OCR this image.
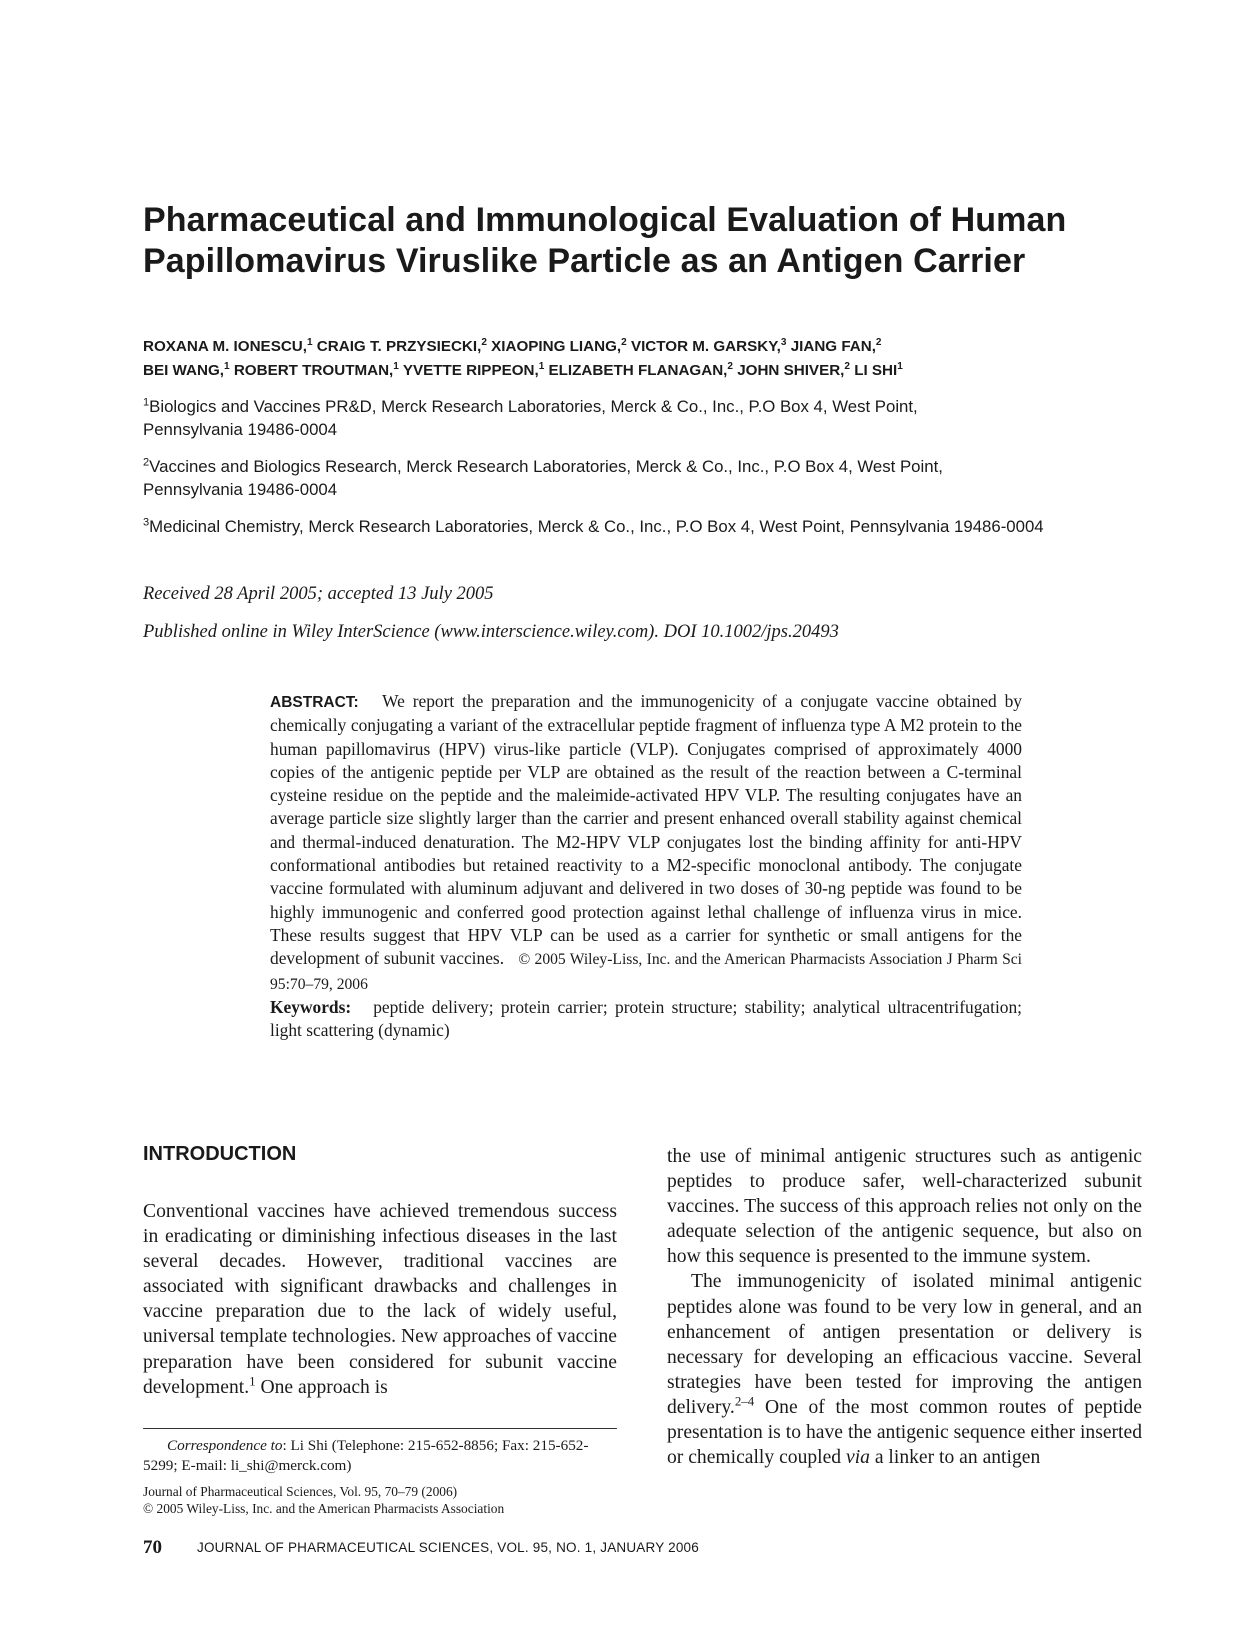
Pharmaceutical and Immunological Evaluation of Human
Papillomavirus Viruslike Particle as an Antigen Carrier
ROXANA M. IONESCU,$^1$ CRAIG T. PRZYSIECKI,$^2$ XIAOPING LIANG,$^2$ VICTOR M. GARSKY,$^3$ JIANG FAN,$^2$
BEI WANG,$^1$ ROBERT TROUTMAN,$^1$ YVETTE RIPPEON,$^1$ ELIZABETH FLANAGAN,$^2$ JOHN SHIVER,$^2$ LI SHI$^1$
$^1$Biologics and Vaccines PR&D, Merck Research Laboratories, Merck & Co., Inc., P.O Box 4, West Point,
Pennsylvania 19486-0004
$^2$Vaccines and Biologics Research, Merck Research Laboratories, Merck & Co., Inc., P.O Box 4, West Point,
Pennsylvania 19486-0004
$^3$Medicinal Chemistry, Merck Research Laboratories, Merck & Co., Inc., P.O Box 4, West Point, Pennsylvania 19486-0004
Received 28 April 2005; accepted 13 July 2005
Published online in Wiley InterScience (www.interscience.wiley.com). DOI 10.1002/jps.20493
ABSTRACT: We report the preparation and the immunogenicity of a conjugate vaccine obtained by chemically conjugating a variant of the extracellular peptide fragment of influenza type A M2 protein to the human papillomavirus (HPV) virus-like particle (VLP). Conjugates comprised of approximately 4000 copies of the antigenic peptide per VLP are obtained as the result of the reaction between a C-terminal cysteine residue on the peptide and the maleimide-activated HPV VLP. The resulting conjugates have an average particle size slightly larger than the carrier and present enhanced overall stability against chemical and thermal-induced denaturation. The M2-HPV VLP conjugates lost the binding affinity for anti-HPV conformational antibodies but retained reactivity to a M2-specific monoclonal antibody. The conjugate vaccine formulated with aluminum adjuvant and delivered in two doses of 30-ng peptide was found to be highly immunogenic and conferred good protection against lethal challenge of influenza virus in mice. These results suggest that HPV VLP can be used as a carrier for synthetic or small antigens for the development of subunit vaccines. © 2005 Wiley-Liss, Inc. and the American Pharmacists Association J Pharm Sci 95:70–79, 2006
Keywords: peptide delivery; protein carrier; protein structure; stability; analytical ultracentrifugation; light scattering (dynamic)
INTRODUCTION
Conventional vaccines have achieved tremendous success in eradicating or diminishing infectious diseases in the last several decades. However, traditional vaccines are associated with significant drawbacks and challenges in vaccine preparation due to the lack of widely useful, universal template technologies. New approaches of vaccine preparation have been considered for subunit vaccine development.$^1$ One approach is

the use of minimal antigenic structures such as antigenic peptides to produce safer, well-characterized subunit vaccines. The success of this approach relies not only on the adequate selection of the antigenic sequence, but also on how this sequence is presented to the immune system.

The immunogenicity of isolated minimal antigenic peptides alone was found to be very low in general, and an enhancement of antigen presentation or delivery is necessary for developing an efficacious vaccine. Several strategies have been tested for improving the antigen delivery.$^{2-4}$ One of the most common routes of peptide presentation is to have the antigenic sequence either inserted or chemically coupled via a linker to an antigen

Correspondence to: Li Shi (Telephone: 215-652-8856; Fax: 215-652-5299; E-mail: li_shi@merck.com)

Journal of Pharmaceutical Sciences, Vol. 95, 70–79 (2006)

© 2005 Wiley-Liss, Inc. and the American Pharmacists Association

70	JOURNAL OF PHARMACEUTICAL SCIENCES, VOL. 95, NO. 1, JANUARY 2006
